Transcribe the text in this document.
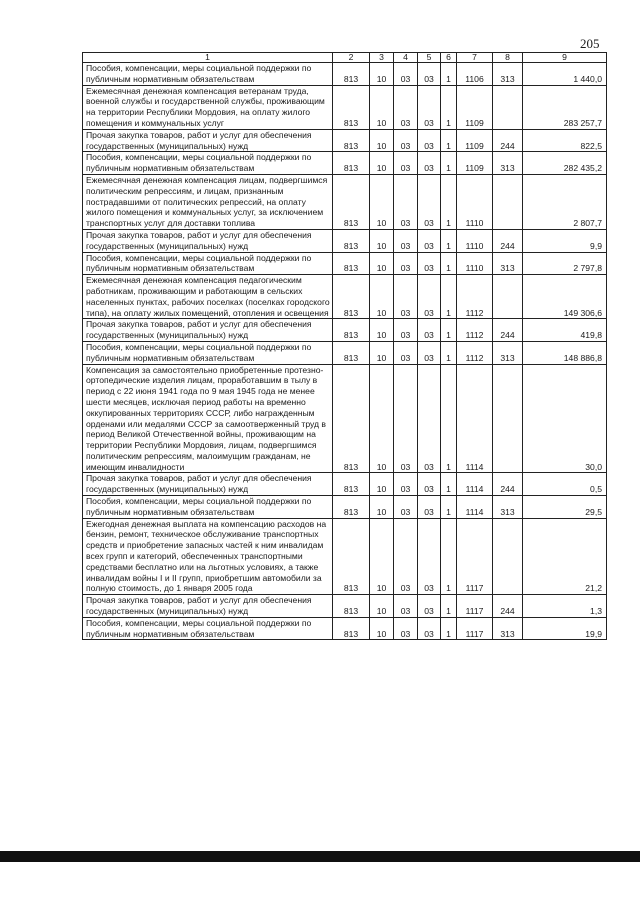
205
1	2	3	4	5	6	7	8	9
Пособия, компенсации, меры социальной поддержки по публичным нормативным обязательствам	813	10	03	03	1	1106	313	1 440,0
Ежемесячная денежная компенсация ветеранам труда, военной службы и государственной службы, проживающим на территории Республики Мордовия, на оплату жилого помещения и коммунальных услуг	813	10	03	03	1	1109		283 257,7
Прочая закупка товаров, работ и услуг для обеспечения государственных (муниципальных) нужд	813	10	03	03	1	1109	244	822,5
Пособия, компенсации, меры социальной поддержки по публичным нормативным обязательствам	813	10	03	03	1	1109	313	282 435,2
Ежемесячная денежная компенсация лицам, подвергшимся политическим репрессиям, и лицам, признанным пострадавшими от политических репрессий, на оплату жилого помещения и коммунальных услуг, за исключением транспортных услуг для доставки топлива	813	10	03	03	1	1110		2 807,7
Прочая закупка товаров, работ и услуг для обеспечения государственных (муниципальных) нужд	813	10	03	03	1	1110	244	9,9
Пособия, компенсации, меры социальной поддержки по публичным нормативным обязательствам	813	10	03	03	1	1110	313	2 797,8
Ежемесячная денежная компенсация педагогическим работникам, проживающим и работающим в сельских населенных пунктах, рабочих поселках (поселках городского типа), на оплату жилых помещений, отопления и освещения	813	10	03	03	1	1112		149 306,6
Прочая закупка товаров, работ и услуг для обеспечения государственных (муниципальных) нужд	813	10	03	03	1	1112	244	419,8
Пособия, компенсации, меры социальной поддержки по публичным нормативным обязательствам	813	10	03	03	1	1112	313	148 886,8
Компенсация за самостоятельно приобретенные протезно-ортопедические изделия лицам, проработавшим в тылу в период с 22 июня 1941 года по 9 мая 1945 года не менее шести месяцев, исключая период работы на временно оккупированных территориях СССР, либо награжденным орденами или медалями СССР за самоотверженный труд в период Великой Отечественной войны, проживающим на территории Республики Мордовия, лицам, подвергшимся политическим репрессиям, малоимущим гражданам, не имеющим инвалидности	813	10	03	03	1	1114		30,0
Прочая закупка товаров, работ и услуг для обеспечения государственных (муниципальных) нужд	813	10	03	03	1	1114	244	0,5
Пособия, компенсации, меры социальной поддержки по публичным нормативным обязательствам	813	10	03	03	1	1114	313	29,5
Ежегодная денежная выплата на компенсацию расходов на бензин, ремонт, техническое обслуживание транспортных средств и приобретение запасных частей к ним инвалидам всех групп и категорий, обеспеченных транспортными средствами бесплатно или на льготных условиях, а также инвалидам войны I и II групп, приобретшим автомобили за полную стоимость, до 1 января 2005 года	813	10	03	03	1	1117		21,2
Прочая закупка товаров, работ и услуг для обеспечения государственных (муниципальных) нужд	813	10	03	03	1	1117	244	1,3
Пособия, компенсации, меры социальной поддержки по публичным нормативным обязательствам	813	10	03	03	1	1117	313	19,9
